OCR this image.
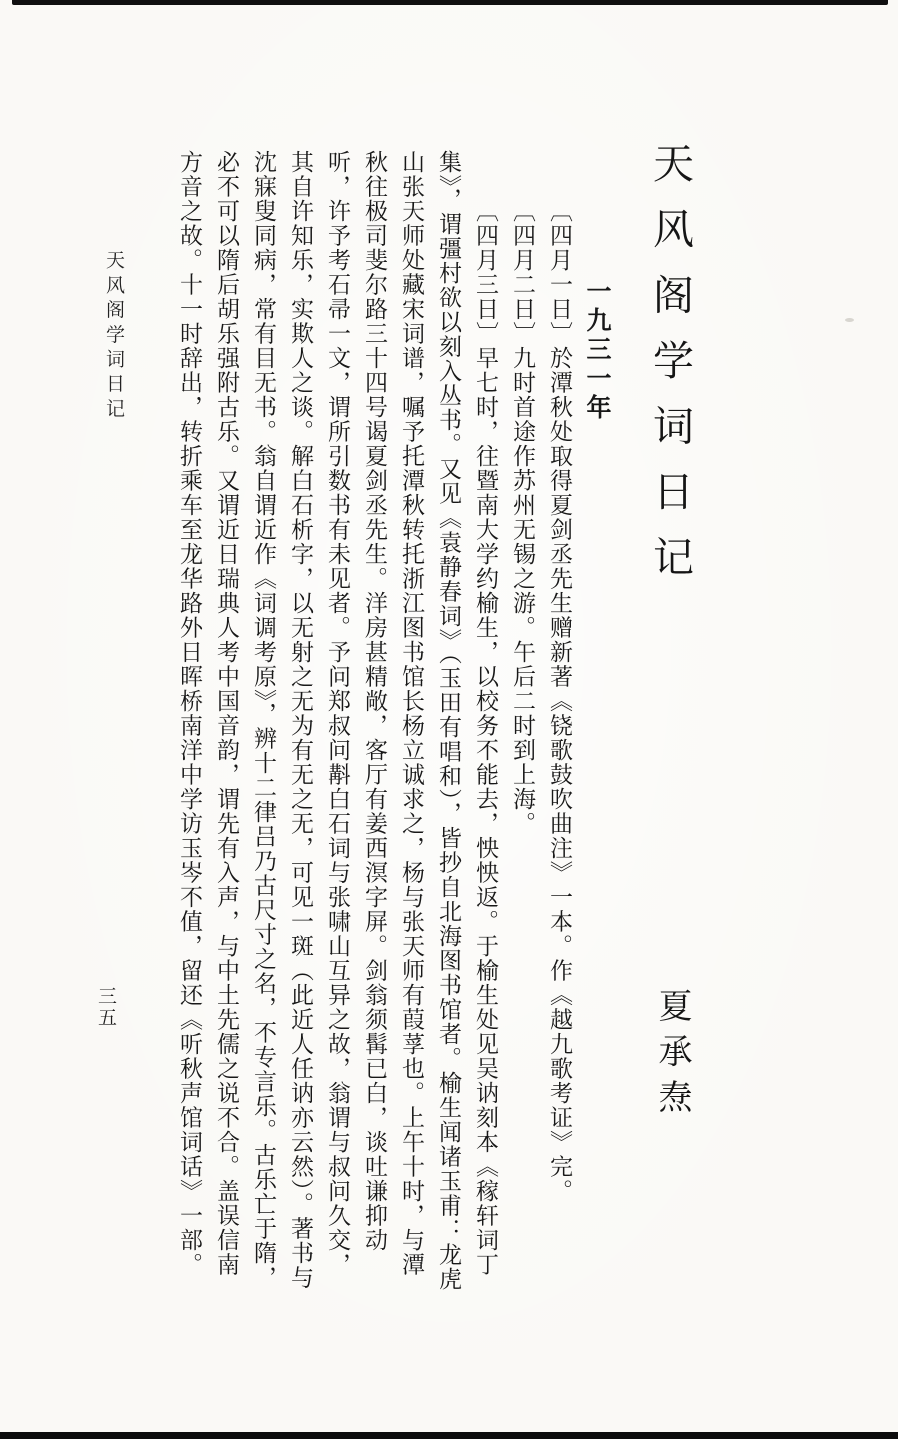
天风阁学词日记
夏承焘

一九三一年

〔四月一日〕於潭秋处取得夏剑丞先生赠新著《铙歌鼓吹曲注》一本。作《越九歌考证》完。

〔四月二日〕九时首途作苏州无锡之游。午后二时到上海。

〔四月三日〕早七时，往暨南大学约榆生，以校务不能去，怏怏返。于榆生处见吴讷刻本《稼轩词丁集》，谓彊村欲以刻入丛书。又见《袁静春词》（玉田有唱和），皆抄自北海图书馆者。榆生闻诸玉甫：龙虎山张天师处藏宋词谱，嘱予托潭秋转托浙江图书馆长杨立诚求之，杨与张天师有葭莩也。上午十时，与潭秋往极司斐尔路三十四号谒夏剑丞先生。洋房甚精敞，客厅有姜西溟字屏。剑翁须髯已白，谈吐谦抑动听，许予考石帚一文，谓所引数书有未见者。予问郑叔问斠白石词与张啸山互异之故，翁谓与叔问久交，其自许知乐，实欺人之谈。解白石析字，以无射之无为有无之无，可见一斑（此近人任讷亦云然）。著书与沈寐叟同病，常有目无书。翁自谓近作《词调考原》，辨十二律吕乃古尺寸之名，不专言乐。古乐亡于隋，必不可以隋后胡乐强附古乐。又谓近日瑞典人考中国音韵，谓先有入声，与中土先儒之说不合。盖误信南方音之故。十一时辞出，转折乘车至龙华路外日晖桥南洋中学访玉岑不值，留还《听秋声馆词话》一部。

天风阁学词日记
三五
